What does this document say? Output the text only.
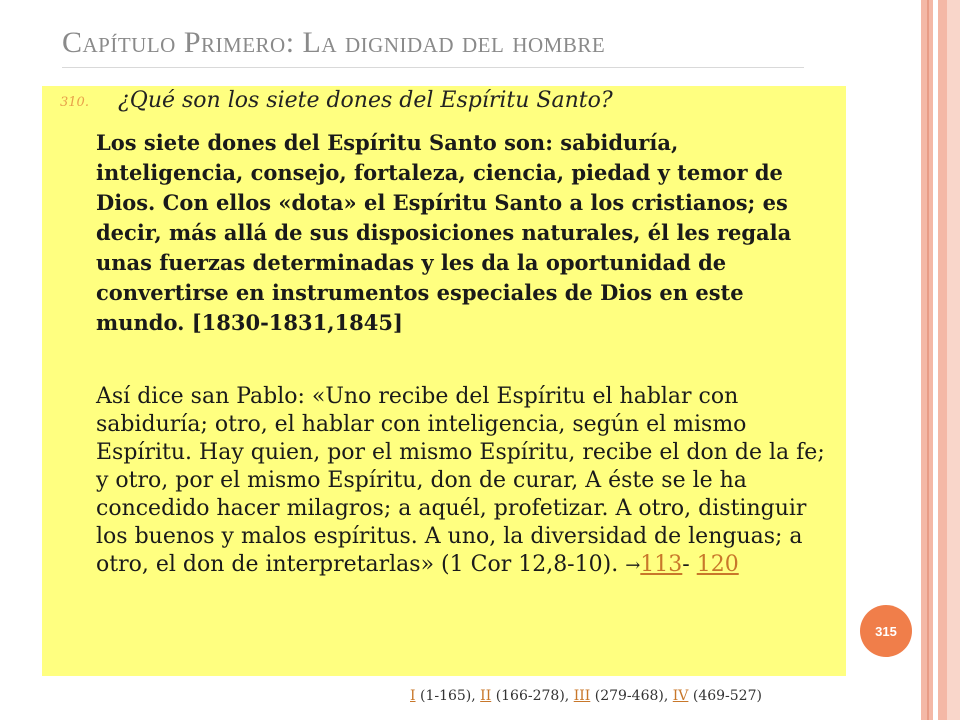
Capítulo Primero: La dignidad del hombre
310. ¿Qué son los siete dones del Espíritu Santo?
Los siete dones del Espíritu Santo son: sabiduría, inteligencia, consejo, fortaleza, ciencia, piedad y temor de Dios. Con ellos «dota» el Espíritu Santo a los cristianos; es decir, más allá de sus disposiciones naturales, él les regala unas fuerzas determinadas y les da la oportunidad de convertirse en instrumentos especiales de Dios en este mundo. [1830-1831,1845]
Así dice san Pablo: «Uno recibe del Espíritu el hablar con sabiduría; otro, el hablar con inteligencia, según el mismo Espíritu. Hay quien, por el mismo Espíritu, recibe el don de la fe; y otro, por el mismo Espíritu, don de curar, A éste se le ha concedido hacer milagros; a aquél, profetizar. A otro, distinguir los buenos y malos espíritus. A uno, la diversidad de lenguas; a otro, el don de interpretarlas» (1 Cor 12,8-10). →113- 120
315
I (1-165), II (166-278), III (279-468), IV (469-527)
